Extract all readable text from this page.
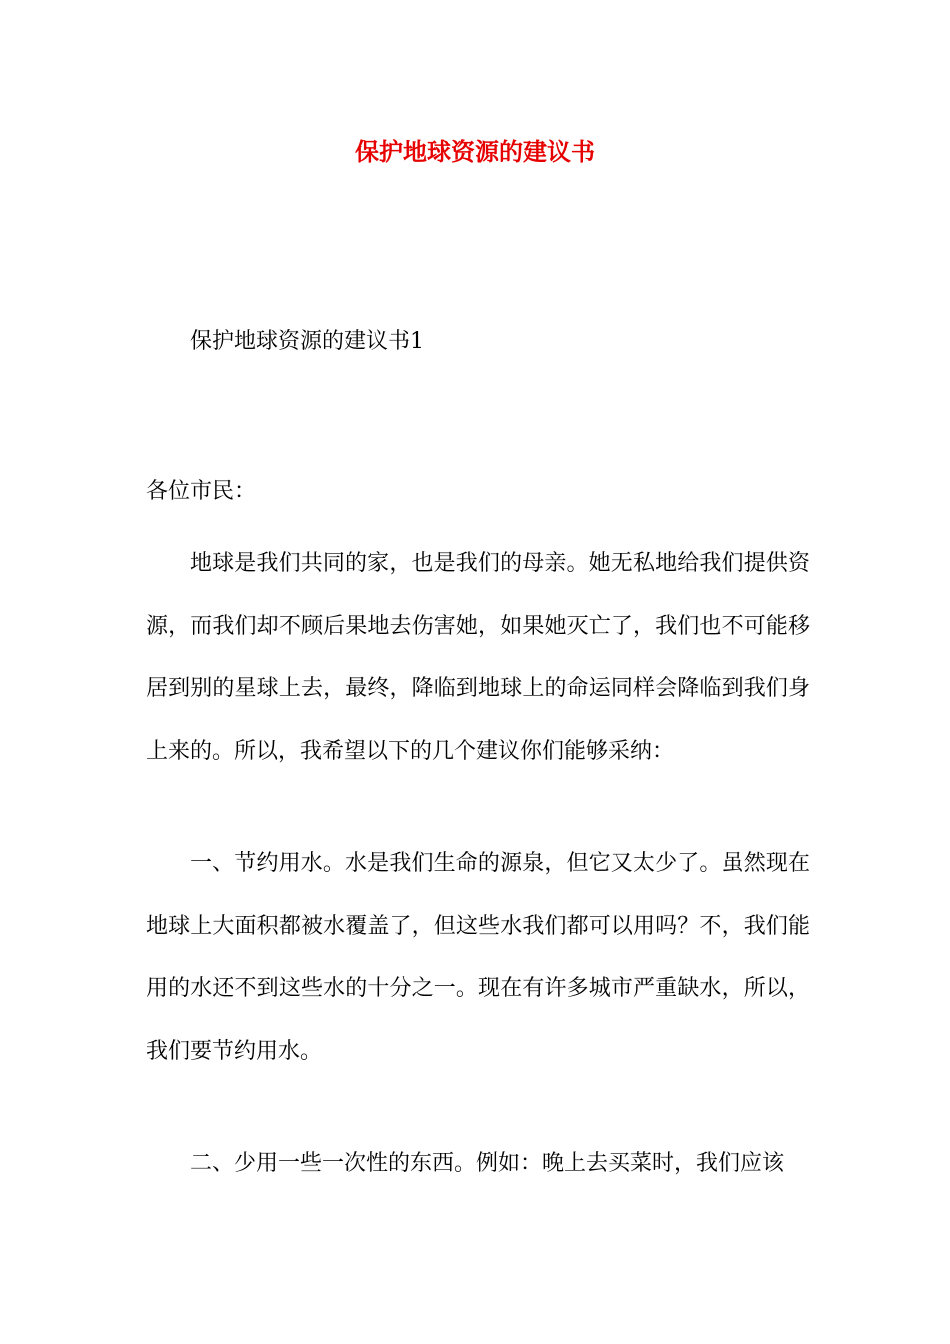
保护地球资源的建议书
保护地球资源的建议书1
各位市民：
地球是我们共同的家，也是我们的母亲。她无私地给我们提供资源，而我们却不顾后果地去伤害她，如果她灭亡了，我们也不可能移居到别的星球上去，最终，降临到地球上的命运同样会降临到我们身上来的。所以，我希望以下的几个建议你们能够采纳：
一、节约用水。水是我们生命的源泉，但它又太少了。虽然现在地球上大面积都被水覆盖了，但这些水我们都可以用吗？不，我们能用的水还不到这些水的十分之一。现在有许多城市严重缺水，所以，我们要节约用水。
二、少用一些一次性的东西。例如：晚上去买菜时，我们应该
